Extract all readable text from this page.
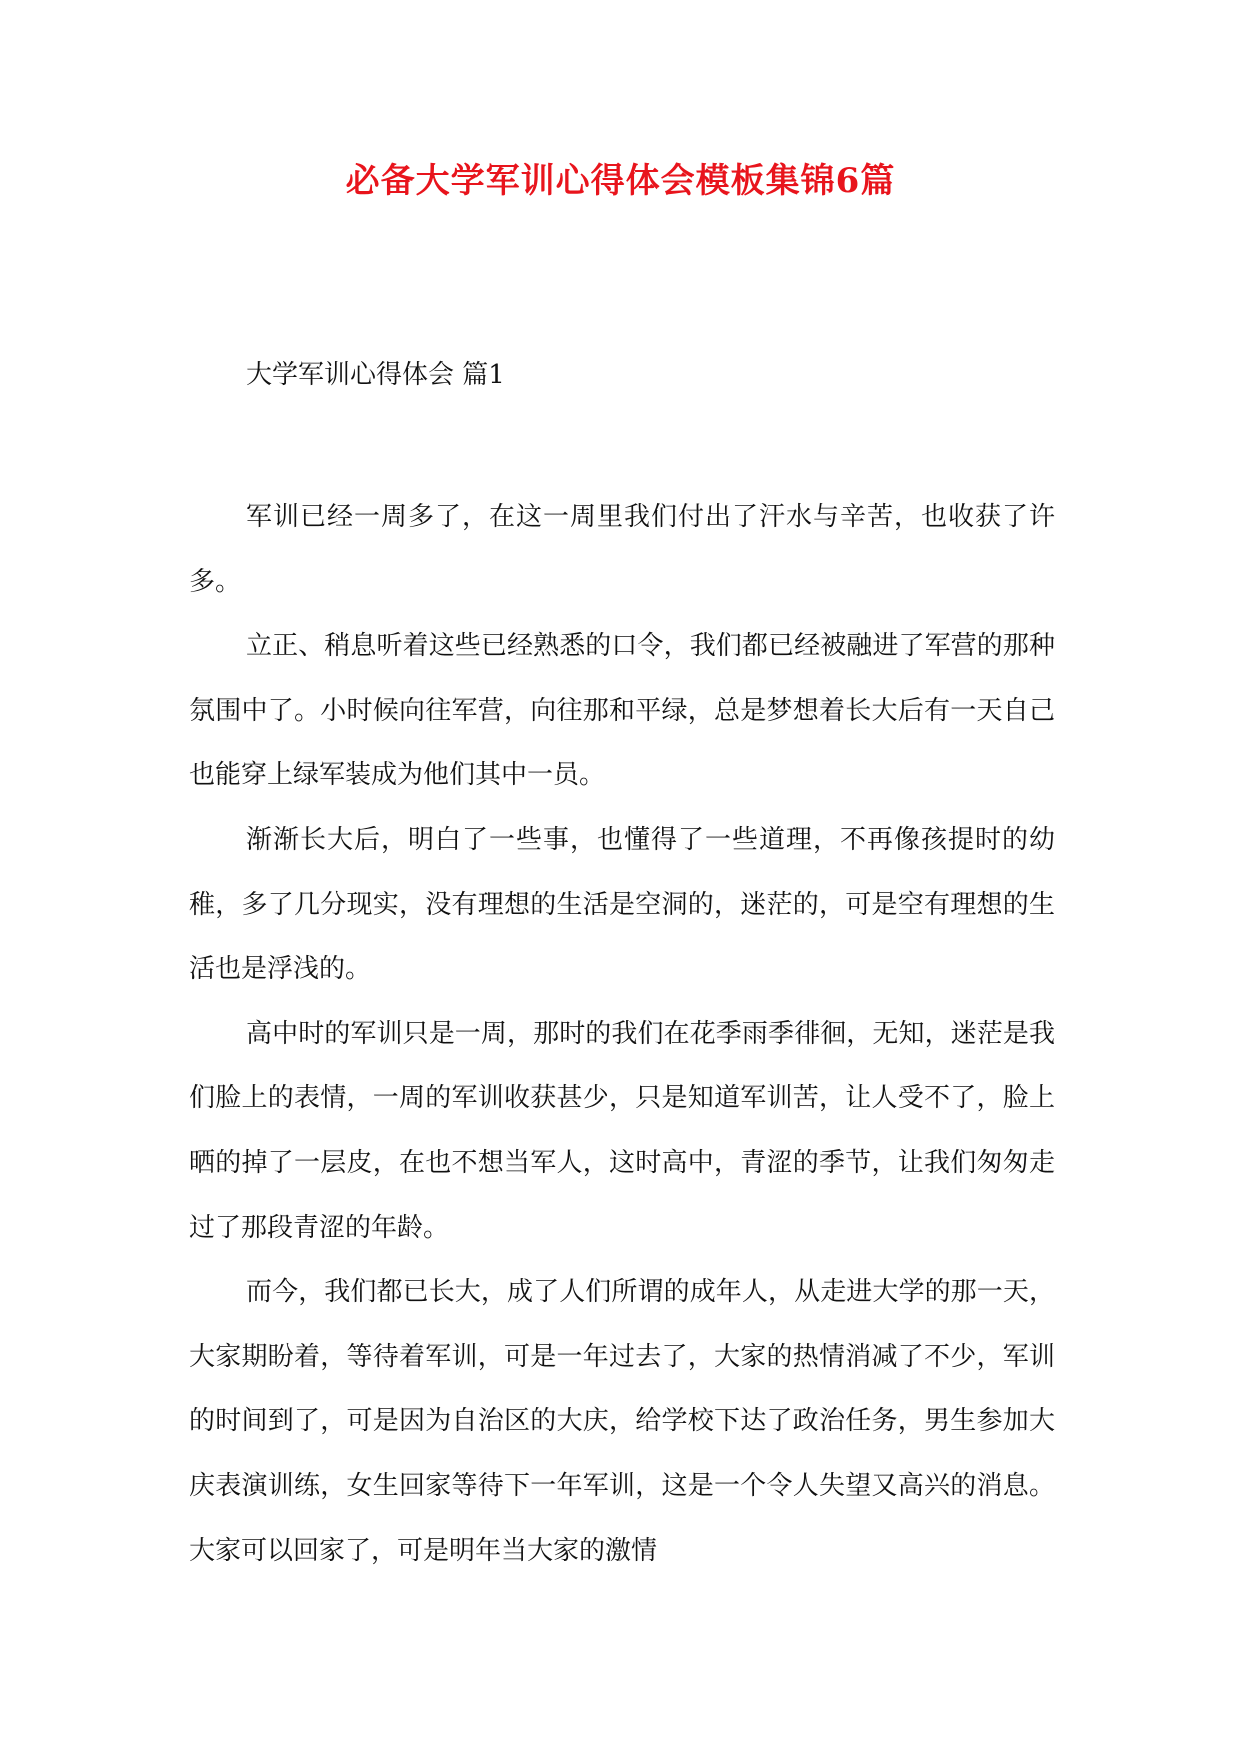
必备大学军训心得体会模板集锦6篇
大学军训心得体会 篇1

军训已经一周多了，在这一周里我们付出了汗水与辛苦，也收获了许多。

立正、稍息听着这些已经熟悉的口令，我们都已经被融进了军营的那种氛围中了。小时候向往军营，向往那和平绿，总是梦想着长大后有一天自己也能穿上绿军装成为他们其中一员。

渐渐长大后，明白了一些事，也懂得了一些道理，不再像孩提时的幼稚，多了几分现实，没有理想的生活是空洞的，迷茫的，可是空有理想的生活也是浮浅的。

高中时的军训只是一周，那时的我们在花季雨季徘徊，无知，迷茫是我们脸上的表情，一周的军训收获甚少，只是知道军训苦，让人受不了，脸上晒的掉了一层皮，在也不想当军人，这时高中，青涩的季节，让我们匆匆走过了那段青涩的年龄。

而今，我们都已长大，成了人们所谓的成年人，从走进大学的那一天，大家期盼着，等待着军训，可是一年过去了，大家的热情消减了不少，军训的时间到了，可是因为自治区的大庆，给学校下达了政治任务，男生参加大庆表演训练，女生回家等待下一年军训，这是一个令人失望又高兴的消息。大家可以回家了，可是明年当大家的激情
